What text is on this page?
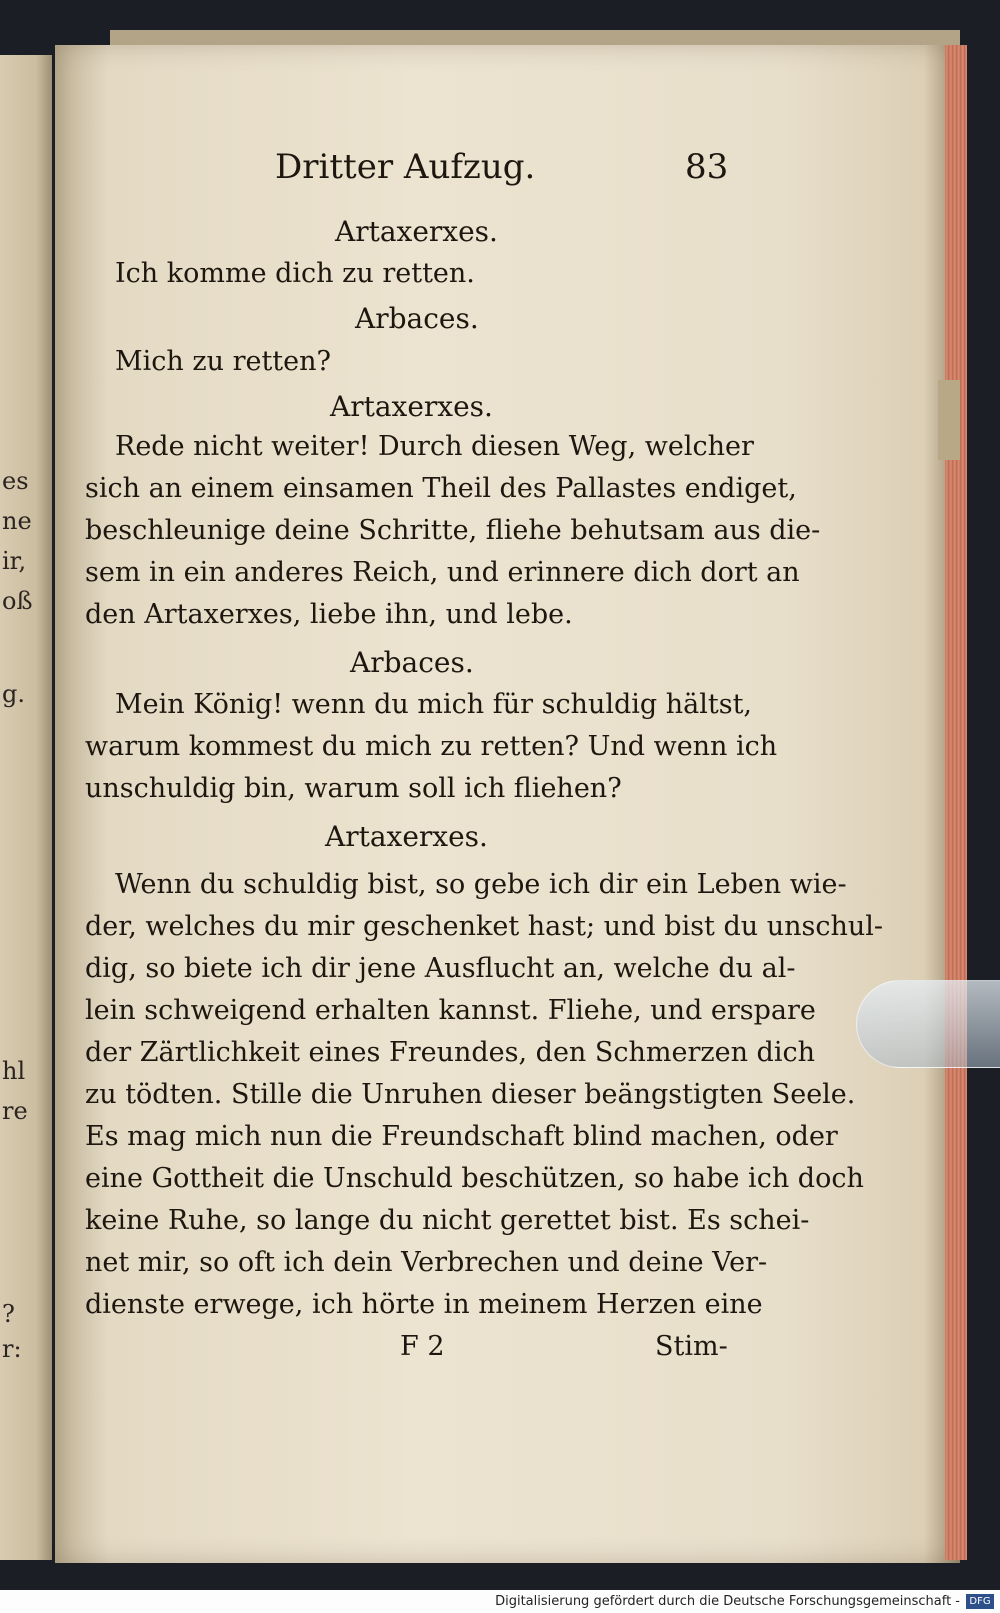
es
ne
ir,
oß
g.
hl
re
?
r:
Dritter Aufzug.	83
Artaxerxes.
Ich komme dich zu retten.
Arbaces.
Mich zu retten?
Artaxerxes.
Rede nicht weiter! Durch diesen Weg, welcher
sich an einem einsamen Theil des Pallastes endiget,
beschleunige deine Schritte, fliehe behutsam aus die-
sem in ein anderes Reich, und erinnere dich dort an
den Artaxerxes, liebe ihn, und lebe.
Arbaces.
Mein König! wenn du mich für schuldig hältst,
warum kommest du mich zu retten? Und wenn ich
unschuldig bin, warum soll ich fliehen?
Artaxerxes.
Wenn du schuldig bist, so gebe ich dir ein Leben wie-
der, welches du mir geschenket hast; und bist du unschul-
dig, so biete ich dir jene Ausflucht an, welche du al-
lein schweigend erhalten kannst. Fliehe, und erspare
der Zärtlichkeit eines Freundes, den Schmerzen dich
zu tödten. Stille die Unruhen dieser beängstigten Seele.
Es mag mich nun die Freundschaft blind machen, oder
eine Gottheit die Unschuld beschützen, so habe ich doch
keine Ruhe, so lange du nicht gerettet bist. Es schei-
net mir, so oft ich dein Verbrechen und deine Ver-
dienste erwege, ich hörte in meinem Herzen eine
F 2	Stim-
Digitalisierung gefördert durch die Deutsche Forschungsgemeinschaft - DFG
